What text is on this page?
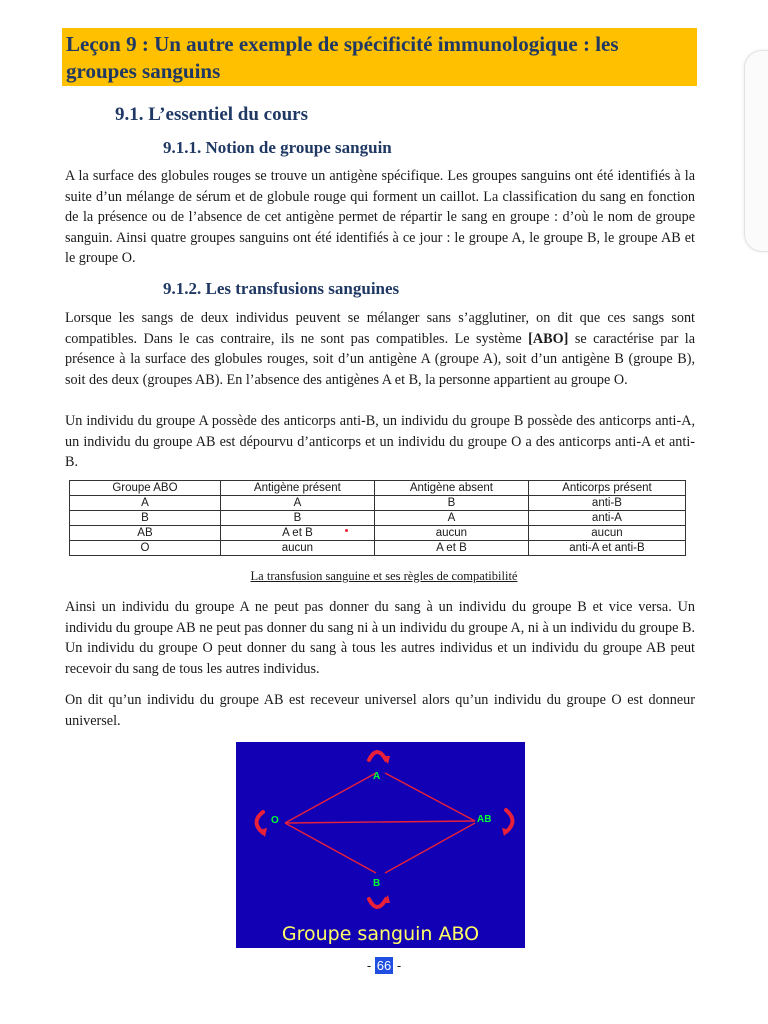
Leçon 9 : Un autre exemple de spécificité immunologique : les groupes sanguins
9.1. L’essentiel du cours
9.1.1. Notion de groupe sanguin

A la surface des globules rouges se trouve un antigène spécifique. Les groupes sanguins ont été identifiés à la suite d’un mélange de sérum et de globule rouge qui forment un caillot. La classification du sang en fonction de la présence ou de l’absence de cet antigène permet de répartir le sang en groupe : d’où le nom de groupe sanguin. Ainsi quatre groupes sanguins ont été identifiés à ce jour : le groupe A, le groupe B, le groupe AB et le groupe O.

9.1.2. Les transfusions sanguines

Lorsque les sangs de deux individus peuvent se mélanger sans s’agglutiner, on dit que ces sangs sont compatibles. Dans le cas contraire, ils ne sont pas compatibles. Le système [ABO] se caractérise par la présence à la surface des globules rouges, soit d’un antigène A (groupe A), soit d’un antigène B (groupe B), soit des deux (groupes AB). En l’absence des antigènes A et B, la personne appartient au groupe O.

Un individu du groupe A possède des anticorps anti-B, un individu du groupe B possède des anticorps anti-A, un individu du groupe AB est dépourvu d’anticorps et un individu du groupe O a des anticorps anti-A et anti-B.

Groupe ABO	Antigène présent	Antigène absent	Anticorps présent
A	A	B	anti-B
B	B	A	anti-A
AB	A et B	aucun	aucun
O	aucun	A et B	anti-A et anti-B

La transfusion sanguine et ses règles de compatibilité

Ainsi un individu du groupe A ne peut pas donner du sang à un individu du groupe B et vice versa. Un individu du groupe AB ne peut pas donner du sang ni à un individu du groupe A, ni à un individu du groupe B. Un individu du groupe O peut donner du sang à tous les autres individus et un individu du groupe AB peut recevoir du sang de tous les autres individus.

On dit qu’un individu du groupe AB est receveur universel alors qu’un individu du groupe O est donneur universel.

A
O	AB
B
Groupe sanguin ABO
- 66 -
